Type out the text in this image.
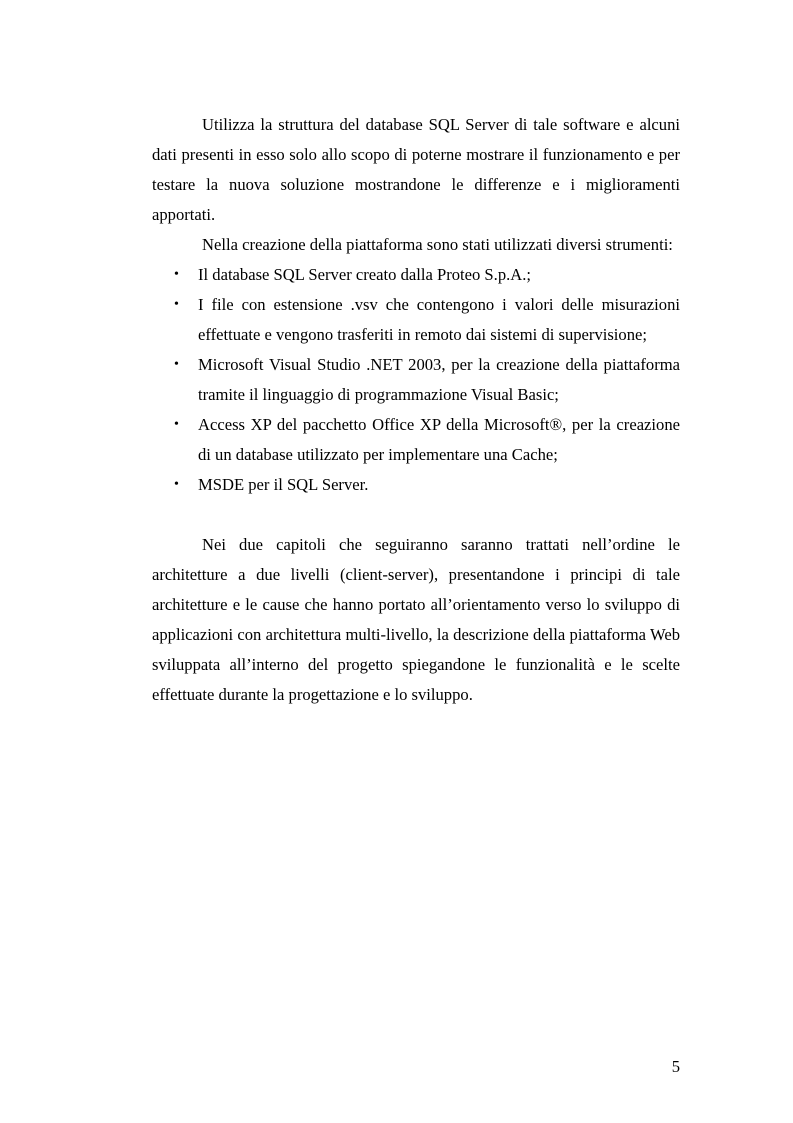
Utilizza la struttura del database SQL Server di tale software e alcuni dati presenti in esso solo allo scopo di poterne mostrare il funzionamento e per testare la nuova soluzione mostrandone le differenze e i miglioramenti apportati.

Nella creazione della piattaforma sono stati utilizzati diversi strumenti:

• Il database SQL Server creato dalla Proteo S.p.A.;
• I file con estensione .vsv che contengono i valori delle misurazioni effettuate e vengono trasferiti in remoto dai sistemi di supervisione;
• Microsoft Visual Studio .NET 2003, per la creazione della piattaforma tramite il linguaggio di programmazione Visual Basic;
• Access XP del pacchetto Office XP della Microsoft®, per la creazione di un database utilizzato per implementare una Cache;
• MSDE per il SQL Server.

Nei due capitoli che seguiranno saranno trattati nell’ordine le architetture a due livelli (client-server), presentandone i principi di tale architetture e le cause che hanno portato all’orientamento verso lo sviluppo di applicazioni con architettura multi-livello, la descrizione della piattaforma Web sviluppata all’interno del progetto spiegandone le funzionalità e le scelte effettuate durante la progettazione e lo sviluppo.

5
